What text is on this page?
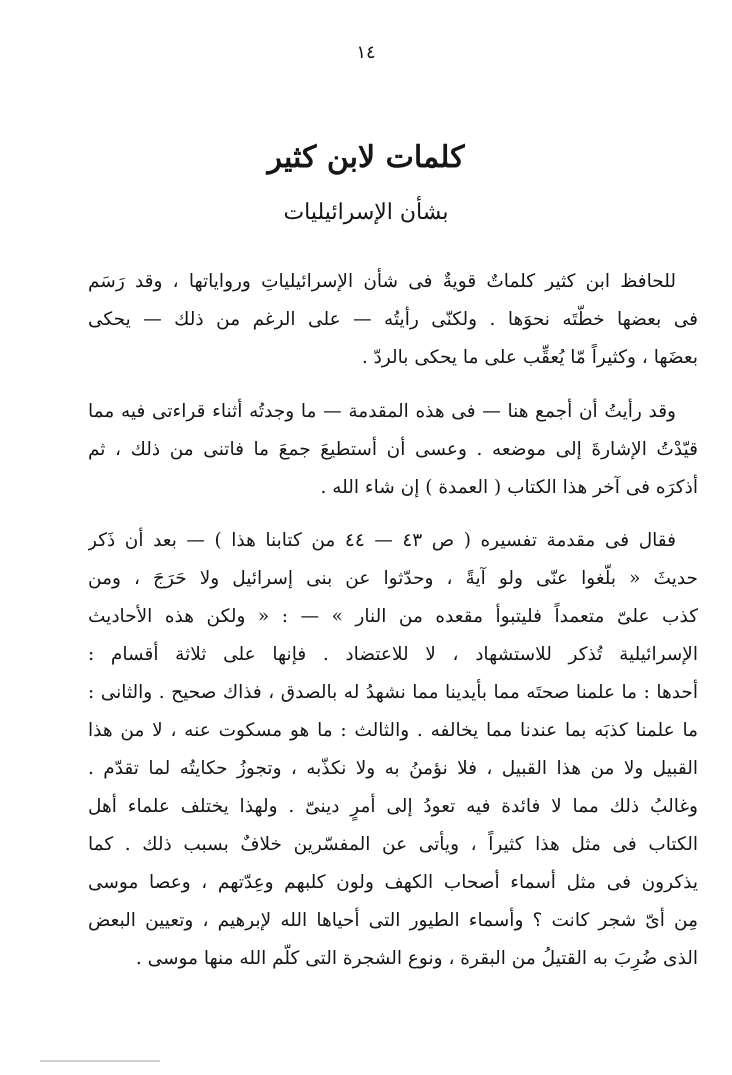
١٤
كلمات لابن كثير
بشأن الإسرائيليات
للحافظ ابن كثير كلماتٌ قويةٌ فى شأن الإسرائيلياتِ ورواياتها ، وقد رَسَم
فى بعضها خطّتَه نحوَها . ولكنّى رأيتُه — على الرغم من ذلك — يحكى
بعضَها ، وكثيراً مّا يُعقِّب على ما يحكى بالردّ .
وقد رأيتُ أن أجمع هنا — فى هذه المقدمة — ما وجدتُه أثناء قراءتى فيه مما
قيّدْتُ الإشارةَ إلى موضعه . وعسى أن أستطيعَ جمعَ ما فاتنى من ذلك ، ثم
أذكرَه فى آخر هذا الكتاب ( العمدة ) إن شاء الله .
فقال فى مقدمة تفسيره ( ص ٤٣ — ٤٤ من كتابنا هذا ) — بعد أن ذَكر
حديثَ « بلّغوا عنّى ولو آيةً ، وحدّثوا عن بنى إسرائيل ولا حَرَجَ ، ومن
كذب علىّ متعمداً فليتبوأ مقعده من النار » — : « ولكن هذه الأحاديث
الإسرائيلية تُذكر للاستشهاد ، لا للاعتضاد . فإنها على ثلاثة أقسام :
أحدها : ما علمنا صحتَه مما بأيدينا مما نشهدُ له بالصدق ، فذاك صحيح . والثانى :
ما علمنا كذبَه بما عندنا مما يخالفه . والثالث : ما هو مسكوت عنه ، لا من هذا
القبيل ولا من هذا القبيل ، فلا نؤمنُ به ولا نكذّبه ، وتجوزُ حكايتُه لما تقدّم .
وغالبُ ذلك مما لا فائدة فيه تعودُ إلى أمرٍ دينىّ . ولهذا يختلف علماء أهل
الكتاب فى مثل هذا كثيراً ، ويأتى عن المفسّرين خلافٌ بسبب ذلك . كما
يذكرون فى مثل أسماء أصحاب الكهف ولون كلبهم وعِدّتهم ، وعصا موسى
مِن أىّ شجر كانت ؟ وأسماء الطيور التى أحياها الله لإبرهيم ، وتعيين البعض
الذى ضُرِبَ به القتيلُ من البقرة ، ونوع الشجرة التى كلّم الله منها موسى .
